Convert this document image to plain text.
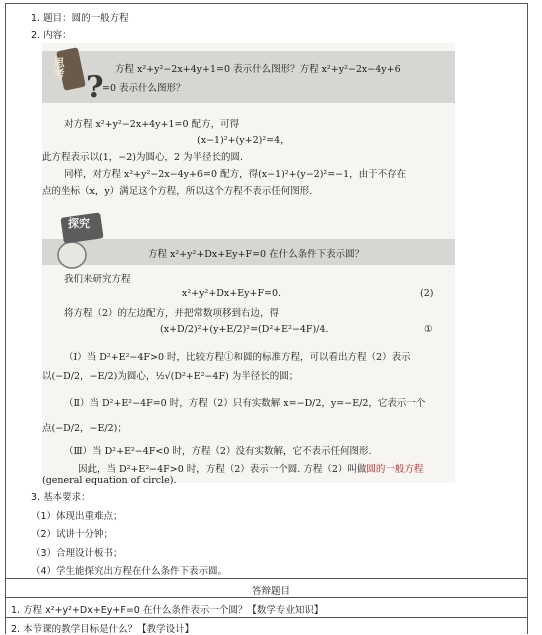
1. 题目：圆的一般方程
2. 内容：
?
思考	方程 x²+y²−2x+4y+1=0 表示什么图形？方程 x²+y²−2x−4y+6
=0 表示什么图形？
对方程 x²+y²−2x+4y+1=0 配方，可得
(x−1)²+(y+2)²=4，
此方程表示以(1，−2)为圆心，2 为半径长的圆.
同样，对方程 x²+y²−2x−4y+6=0 配方，得(x−1)²+(y−2)²=−1，由于不存在
点的坐标（x，y）满足这个方程，所以这个方程不表示任何图形.
探究
方程 x²+y²+Dx+Ey+F=0 在什么条件下表示圆？
我们来研究方程
x²+y²+Dx+Ey+F=0.	(2)
将方程（2）的左边配方，并把常数项移到右边，得
(x+D/2)²+(y+E/2)²=(D²+E²−4F)/4.	①
（Ⅰ）当 D²+E²−4F>0 时，比较方程①和圆的标准方程，可以看出方程（2）表示
以(−D/2，−E/2)为圆心，½√(D²+E²−4F) 为半径长的圆；
（Ⅱ）当 D²+E²−4F=0 时，方程（2）只有实数解 x=−D/2，y=−E/2，它表示一个
点(−D/2，−E/2)；
（Ⅲ）当 D²+E²−4F<0 时，方程（2）没有实数解，它不表示任何图形.
因此，当 D²+E²−4F>0 时，方程（2）表示一个圆. 方程（2）叫做圆的一般方程
(general equation of circle).
3. 基本要求：
（1）体现出重难点；
（2）试讲十分钟；
（3）合理设计板书；
（4）学生能探究出方程在什么条件下表示圆。
答辩题目
1. 方程 x²+y²+Dx+Ey+F=0 在什么条件表示一个圆？【数学专业知识】
2. 本节课的教学目标是什么？【教学设计】
